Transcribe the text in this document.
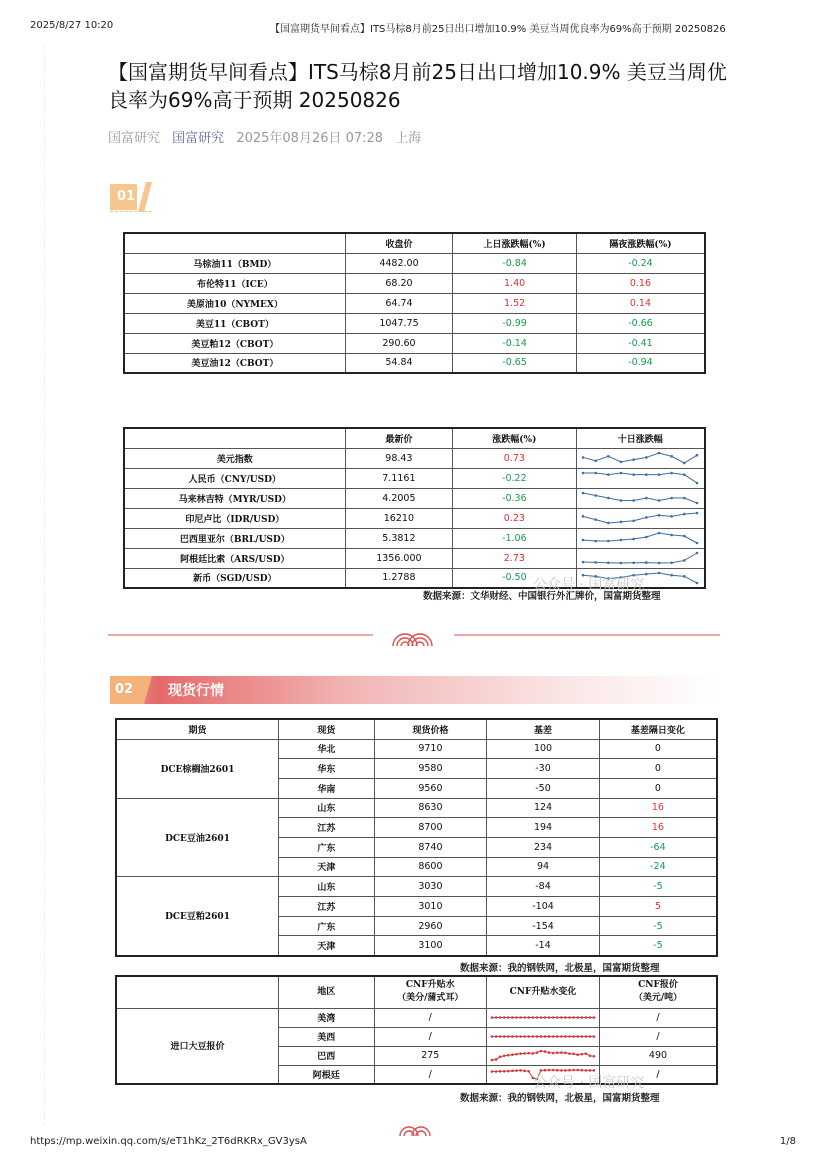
2025/8/27 10:20	【国富期货早间看点】ITS马棕8月前25日出口增加10.9% 美豆当周优良率为69%高于预期 20250826
【国富期货早间看点】ITS马棕8月前25日出口增加10.9% 美豆当周优良率为69%高于预期 20250826
国富研究 国富研究 2025年08月26日 07:28 上海
01
	收盘价	上日涨跌幅(%)	隔夜涨跌幅(%)
马棕油11（BMD）	4482.00	-0.84	-0.24
布伦特11（ICE）	68.20	1.40	0.16
美原油10（NYMEX）	64.74	1.52	0.14
美豆11（CBOT）	1047.75	-0.99	-0.66
美豆粕12（CBOT）	290.60	-0.14	-0.41
美豆油12（CBOT）	54.84	-0.65	-0.94
	最新价	涨跌幅(%)	十日涨跌幅
美元指数	98.43	0.73	

人民币（CNY/USD）	7.1161	-0.22	

马来林吉特（MYR/USD）	4.2005	-0.36	

印尼卢比（IDR/USD）	16210	0.23	

巴西里亚尔（BRL/USD）	5.3812	-1.06	

阿根廷比索（ARS/USD）	1356.000	2.73	

新币（SGD/USD）	1.2788	-0.50	公众号 · 国富研究
数据来源：文华财经、中国银行外汇牌价，国富期货整理
02	现货行情
期货	现货	现货价格	基差	基差隔日变化
DCE棕榈油2601	华北	9710	100	0
	华东	9580	-30	0
	华南	9560	-50	0
DCE豆油2601	山东	8630	124	16
	江苏	8700	194	16
	广东	8740	234	-64
	天津	8600	94	-24
DCE豆粕2601	山东	3030	-84	-5
	江苏	3010	-104	5
	广东	2960	-154	-5
	天津	3100	-14	-5
数据来源：我的钢铁网，北极星，国富期货整理
	地区	CNF升贴水
（美分/蒲式耳）	CNF升贴水变化	CNF报价
（美元/吨）
进口大豆报价	美湾	/		/
	美西	/		/
	巴西	275		490
	阿根廷	/		/
公众号 · 国富研究
数据来源：我的钢铁网，北极星，国富期货整理
https://mp.weixin.qq.com/s/eT1hKz_2T6dRKRx_GV3ysA	1/8
